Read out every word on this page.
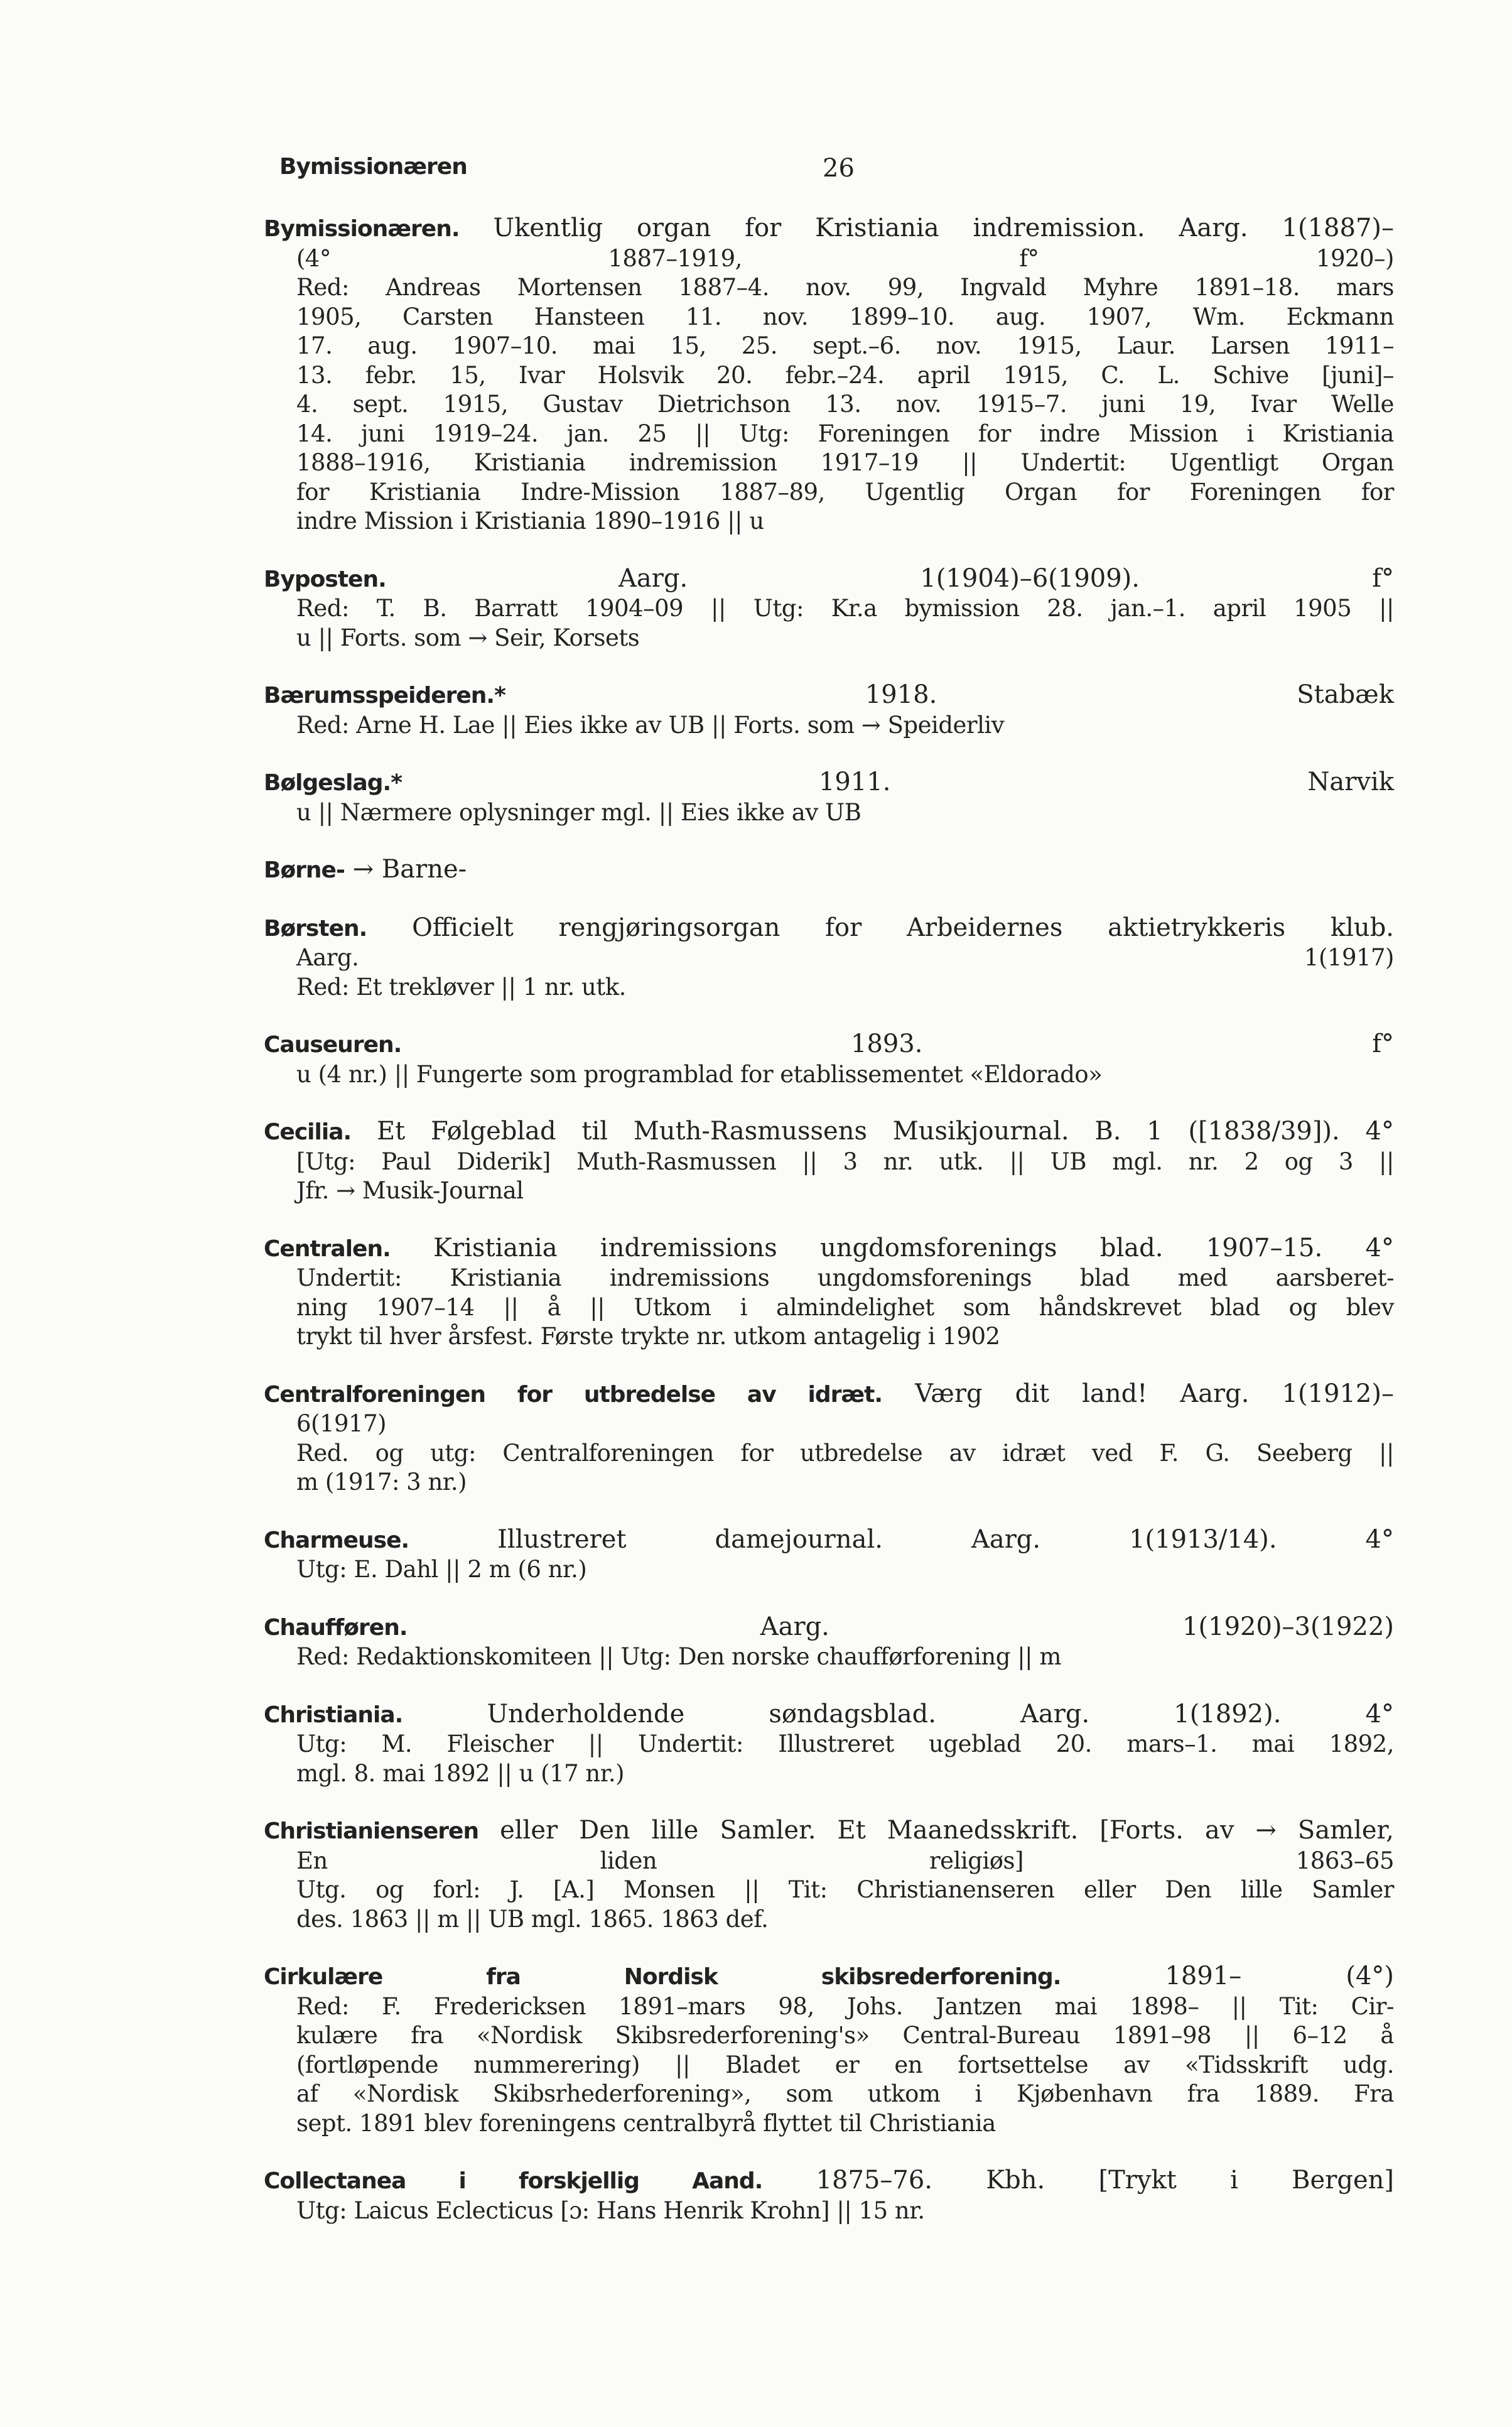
Bymissionæren	26

Bymissionæren. Ukentlig organ for Kristiania indremission. Aarg. 1(1887)–

(4° 1887–1919, f° 1920–)

Red: Andreas Mortensen 1887–4. nov. 99, Ingvald Myhre 1891–18. mars

1905, Carsten Hansteen 11. nov. 1899–10. aug. 1907, Wm. Eckmann

17. aug. 1907–10. mai 15, 25. sept.–6. nov. 1915, Laur. Larsen 1911–

13. febr. 15, Ivar Holsvik 20. febr.–24. april 1915, C. L. Schive [juni]–

4. sept. 1915, Gustav Dietrichson 13. nov. 1915–7. juni 19, Ivar Welle

14. juni 1919–24. jan. 25 || Utg: Foreningen for indre Mission i Kristiania

1888–1916, Kristiania indremission 1917–19 || Undertit: Ugentligt Organ

for Kristiania Indre-Mission 1887–89, Ugentlig Organ for Foreningen for

indre Mission i Kristiania 1890–1916 || u

Byposten.	Aarg. 1(1904)–6(1909). f°

Red: T. B. Barratt 1904–09 || Utg: Kr.a bymission 28. jan.–1. april 1905 ||

u || Forts. som → Seir, Korsets

Bærumsspeideren.*	1918. Stabæk

Red: Arne H. Lae || Eies ikke av UB || Forts. som → Speiderliv

Bølgeslag.*	1911. Narvik

u || Nærmere oplysninger mgl. || Eies ikke av UB

Børne- → Barne-

Børsten. Officielt rengjøringsorgan for Arbeidernes aktietrykkeris klub.

Aarg. 1(1917)

Red: Et trekløver || 1 nr. utk.

Causeuren.	1893. f°

u (4 nr.) || Fungerte som programblad for etablissementet «Eldorado»

Cecilia. Et Følgeblad til Muth-Rasmussens Musikjournal. B. 1 ([1838/39]). 4°

[Utg: Paul Diderik] Muth-Rasmussen || 3 nr. utk. || UB mgl. nr. 2 og 3 ||

Jfr. → Musik-Journal

Centralen. Kristiania indremissions ungdomsforenings blad. 1907–15. 4°

Undertit: Kristiania indremissions ungdomsforenings blad med aarsberet-

ning 1907–14 || å || Utkom i almindelighet som håndskrevet blad og blev

trykt til hver årsfest. Første trykte nr. utkom antagelig i 1902

Centralforeningen for utbredelse av idræt. Værg dit land! Aarg. 1(1912)–

6(1917)

Red. og utg: Centralforeningen for utbredelse av idræt ved F. G. Seeberg ||

m (1917: 3 nr.)

Charmeuse.	Illustreret damejournal. Aarg. 1(1913/14). 4°

Utg: E. Dahl || 2 m (6 nr.)

Chaufføren.	Aarg. 1(1920)–3(1922)

Red: Redaktionskomiteen || Utg: Den norske chaufførforening || m

Christiania.	Underholdende søndagsblad. Aarg. 1(1892). 4°

Utg: M. Fleischer || Undertit: Illustreret ugeblad 20. mars–1. mai 1892,

mgl. 8. mai 1892 || u (17 nr.)

Christianienseren eller Den lille Samler. Et Maanedsskrift. [Forts. av → Samler,

En liden religiøs] 1863–65

Utg. og forl: J. [A.] Monsen || Tit: Christianenseren eller Den lille Samler

des. 1863 || m || UB mgl. 1865. 1863 def.

Cirkulære fra Nordisk skibsrederforening.	1891– (4°)

Red: F. Fredericksen 1891–mars 98, Johs. Jantzen mai 1898– || Tit: Cir-

kulære fra «Nordisk Skibsrederforening's» Central-Bureau 1891–98 || 6–12 å

(fortløpende nummerering) || Bladet er en fortsettelse av «Tidsskrift udg.

af «Nordisk Skibsrhederforening», som utkom i Kjøbenhavn fra 1889. Fra

sept. 1891 blev foreningens centralbyrå flyttet til Christiania

Collectanea i forskjellig Aand. 1875–76. Kbh. [Trykt i Bergen]

Utg: Laicus Eclecticus [ɔ: Hans Henrik Krohn] || 15 nr.
